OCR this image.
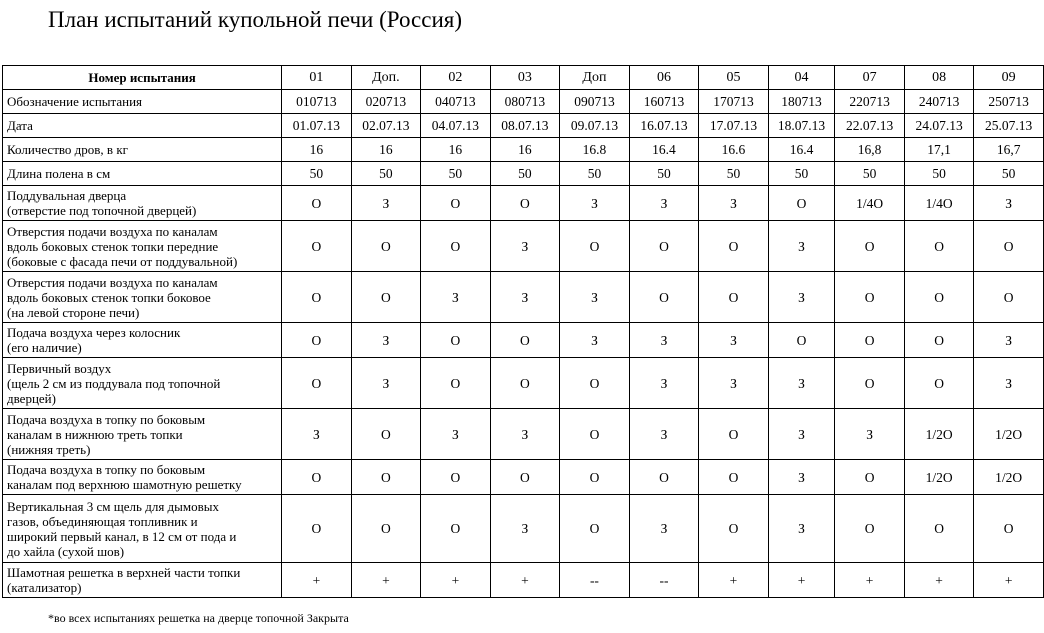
План испытаний купольной печи (Россия)
Номер испытания	01	Доп.	02	03	Доп	06	05	04	07	08	09

Обозначение испытания	010713	020713	040713	080713	090713	160713	170713	180713	220713	240713	250713

Дата	01.07.13	02.07.13	04.07.13	08.07.13	09.07.13	16.07.13	17.07.13	18.07.13	22.07.13	24.07.13	25.07.13

Количество дров, в кг	16	16	16	16	16.8	16.4	16.6	16.4	16,8	17,1	16,7

Длина полена в см	50	50	50	50	50	50	50	50	50	50	50

Поддувальная дверца
(отверстие под топочной дверцей)	О	З	О	О	З	З	З	О	1/4О	1/4О	З

Отверстия подачи воздуха по каналам
вдоль боковых стенок топки передние
(боковые с фасада печи от поддувальной)	О	О	О	З	О	О	О	З	О	О	О

Отверстия подачи воздуха по каналам
вдоль боковых стенок топки боковое
(на левой стороне печи)	О	О	З	З	З	О	О	З	О	О	О

Подача воздуха через колосник
(его наличие)	О	З	О	О	З	З	З	О	О	О	З

Первичный воздух
(щель 2 см из поддувала под топочной
дверцей)	О	З	О	О	О	З	З	З	О	О	З

Подача воздуха в топку по боковым
каналам в нижнюю треть топки
(нижняя треть)	З	О	З	З	О	З	О	З	З	1/2О	1/2О

Подача воздуха в топку по боковым
каналам под верхнюю шамотную решетку	О	О	О	О	О	О	О	З	О	1/2О	1/2О

Вертикальная 3 см щель для дымовых
газов, объединяющая топливник и
широкий первый канал, в 12 см от пода и
до хайла (сухой шов)	О	О	О	З	О	З	О	З	О	О	О

Шамотная решетка в верхней части топки
(катализатор)	+	+	+	+	--	--	+	+	+	+	+
*во всех испытаниях решетка на дверце топочной Закрыта
